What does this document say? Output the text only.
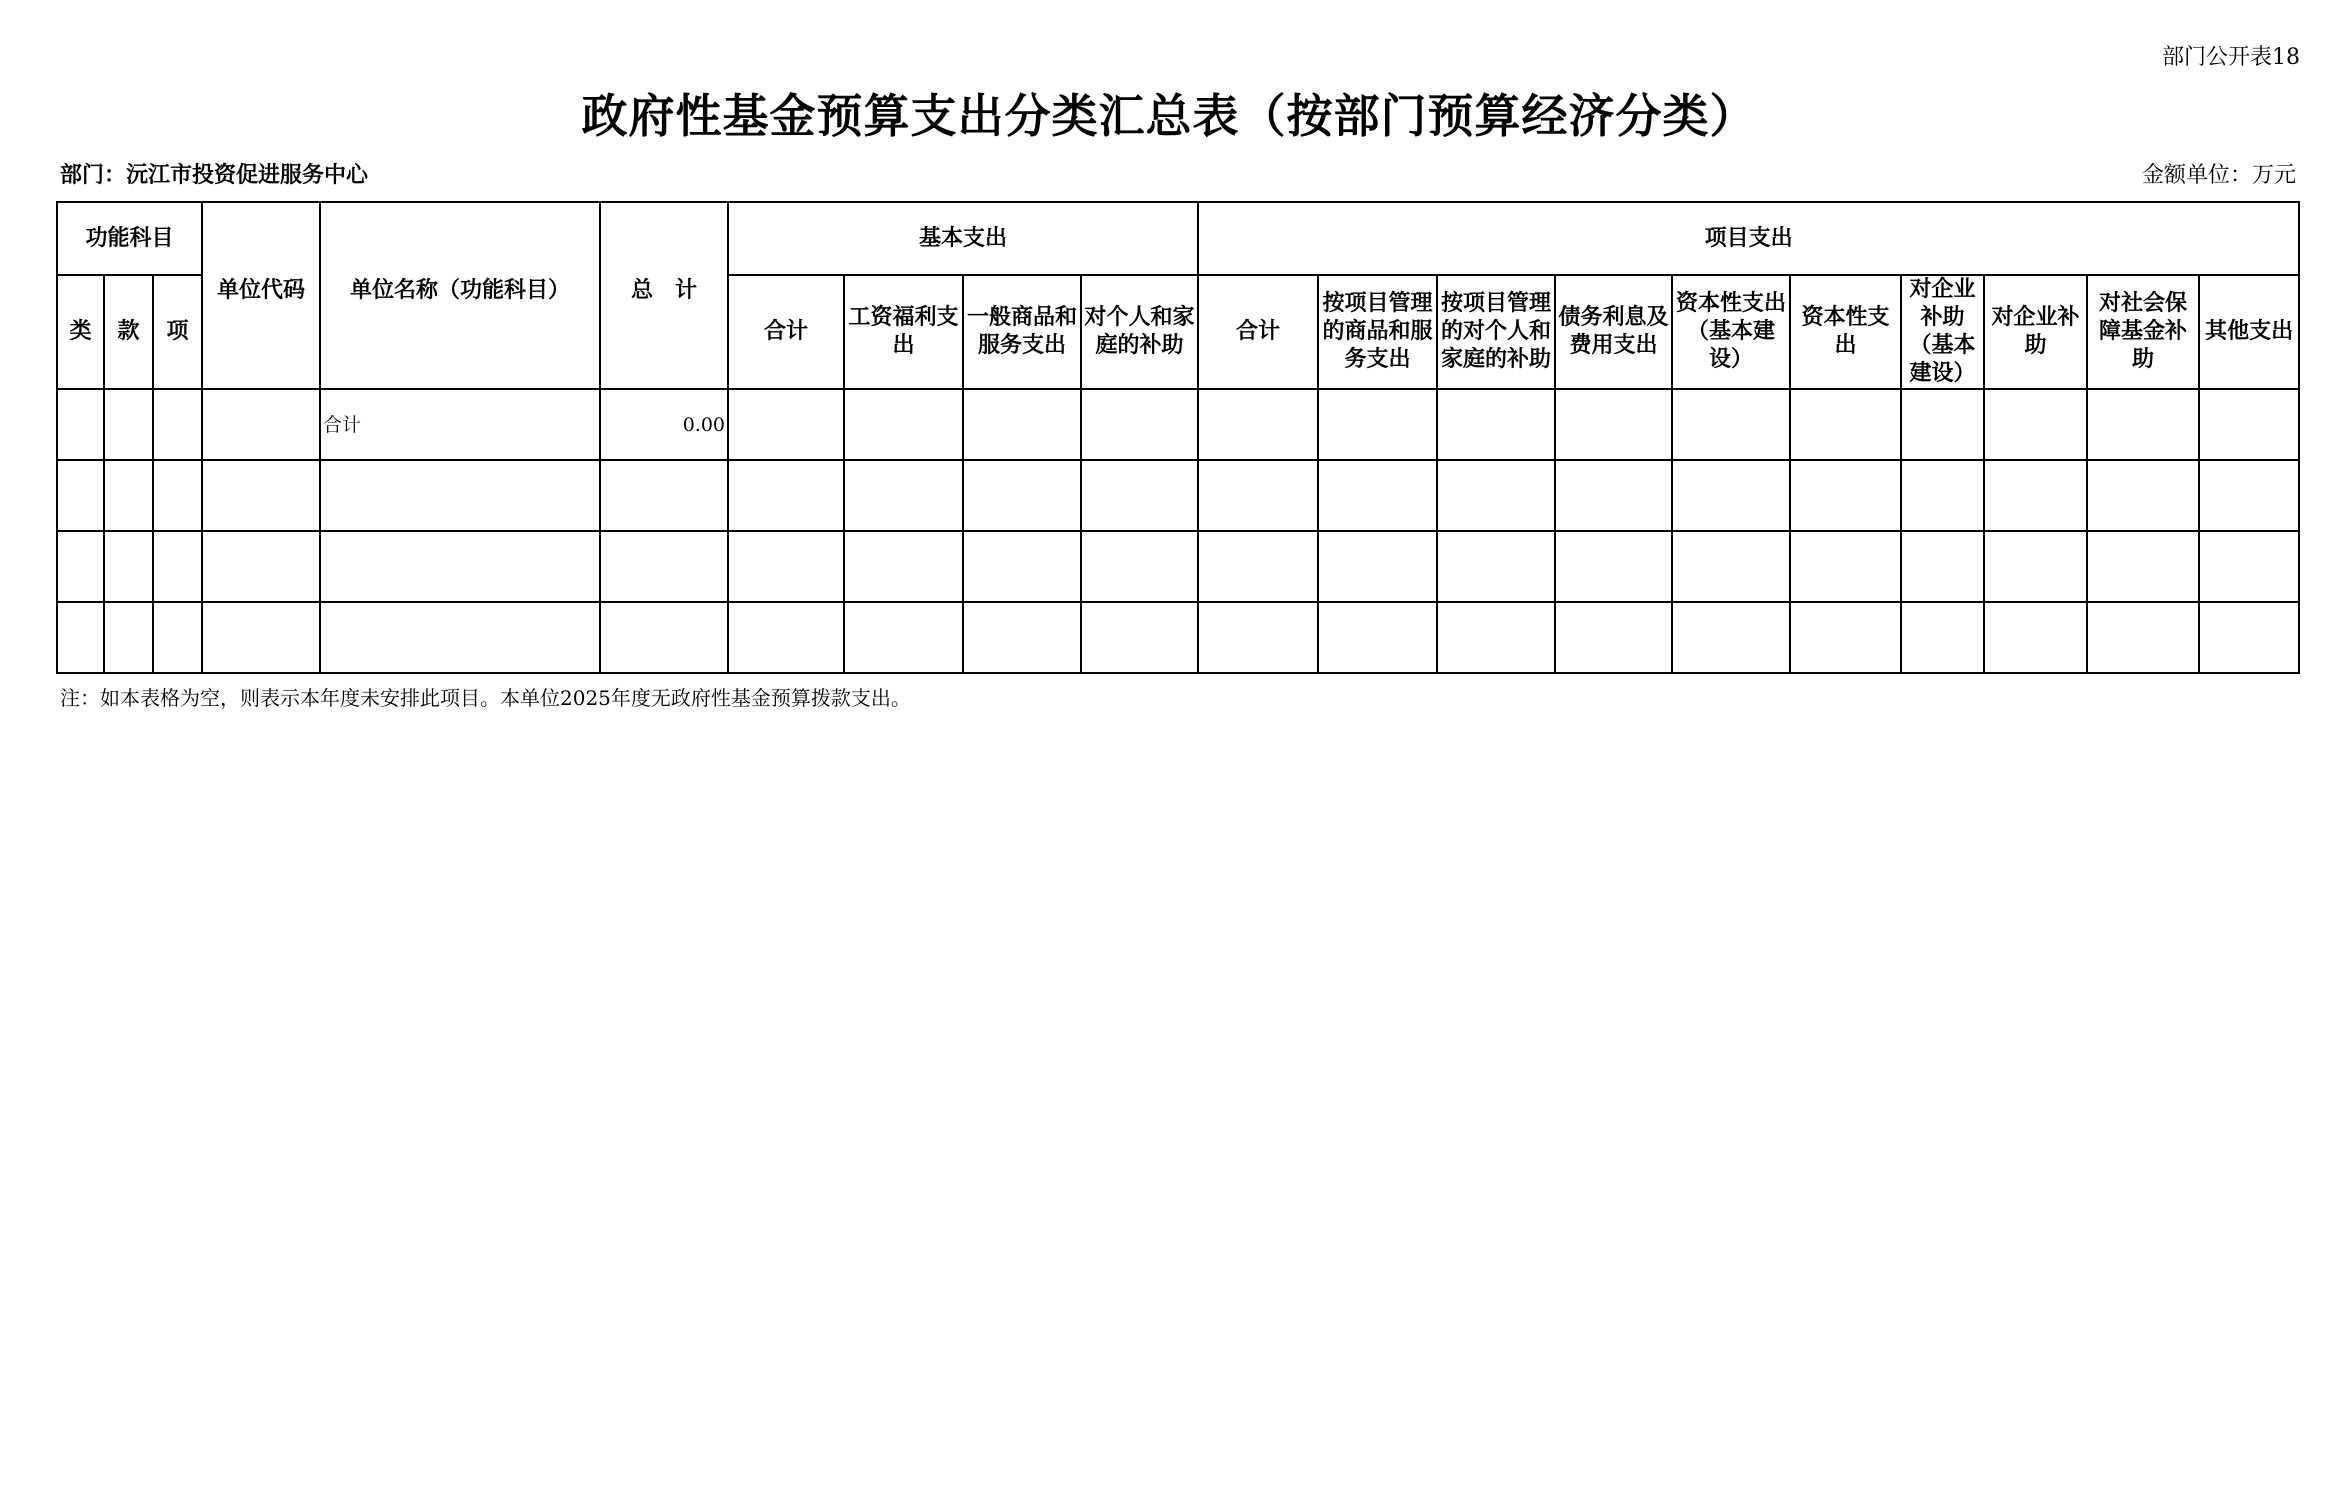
部门公开表18
政府性基金预算支出分类汇总表（按部门预算经济分类）
部门：沅江市投资促进服务中心	金额单位：万元
功能科目			单位代码	单位名称（功能科目）	总　计	基本支出				项目支出									
类	款	项				合计	工资福利支出	一般商品和服务支出	对个人和家庭的补助	合计	按项目管理的商品和服务支出	按项目管理的对个人和家庭的补助	债务利息及费用支出	资本性支出（基本建设）	资本性支出	对企业补助（基本建设）	对企业补助	对社会保障基金补助	其他支出
				合计	0.00														

注：如本表格为空，则表示本年度未安排此项目。本单位2025年度无政府性基金预算拨款支出。
